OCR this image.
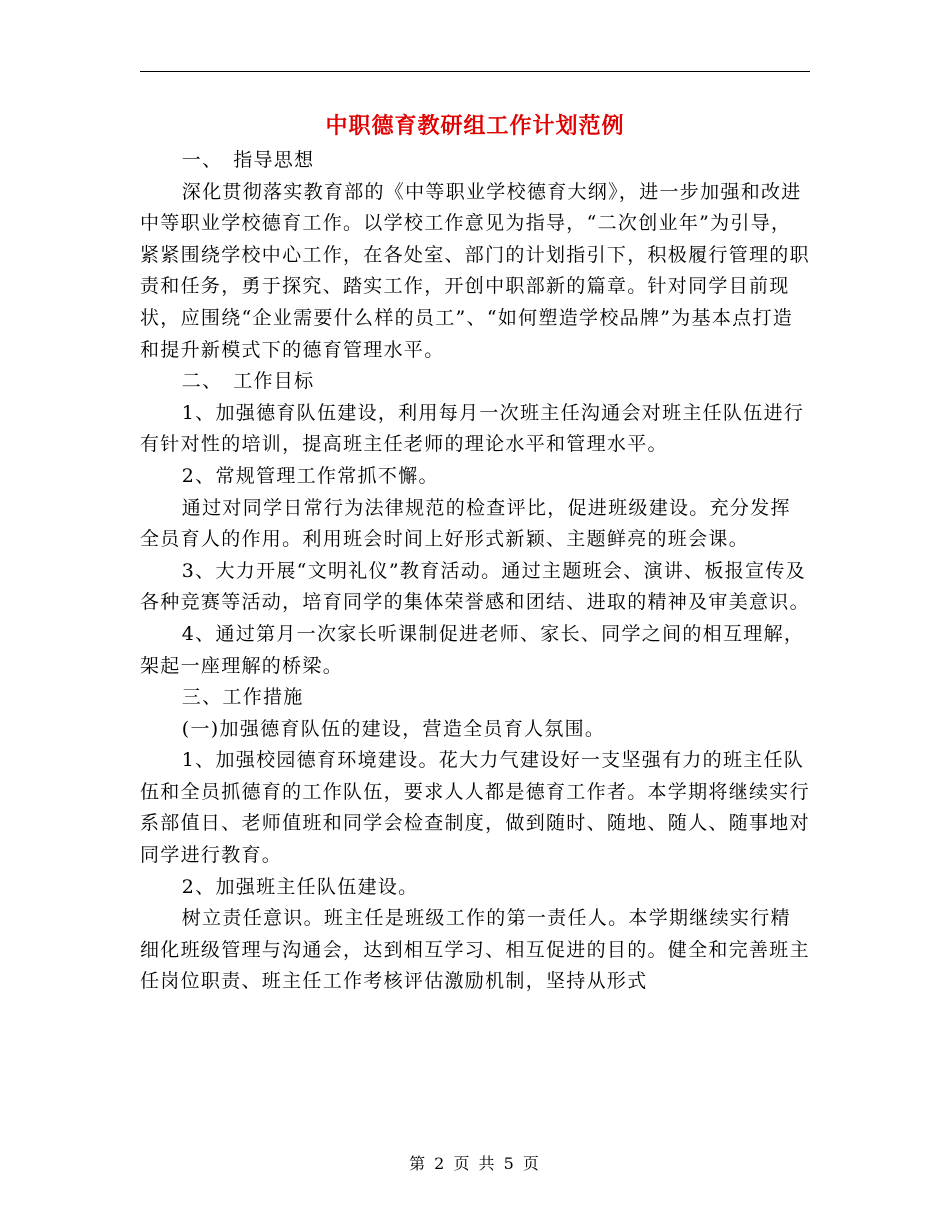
中职德育教研组工作计划范例

一、　指导思想

深化贯彻落实教育部的《中等职业学校德育大纲》，进一步加强和改进中等职业学校德育工作。以学校工作意见为指导，“二次创业年”为引导，紧紧围绕学校中心工作，在各处室、部门的计划指引下，积极履行管理的职责和任务，勇于探究、踏实工作，开创中职部新的篇章。针对同学目前现状，应围绕“企业需要什么样的员工”、“如何塑造学校品牌”为基本点打造和提升新模式下的德育管理水平。

二、　工作目标

1、加强德育队伍建设，利用每月一次班主任沟通会对班主任队伍进行有针对性的培训，提高班主任老师的理论水平和管理水平。

2、常规管理工作常抓不懈。

通过对同学日常行为法律规范的检查评比，促进班级建设。充分发挥全员育人的作用。利用班会时间上好形式新颖、主题鲜亮的班会课。

3、大力开展“文明礼仪”教育活动。通过主题班会、演讲、板报宣传及各种竞赛等活动，培育同学的集体荣誉感和团结、进取的精神及审美意识。

4、通过第月一次家长听课制促进老师、家长、同学之间的相互理解，架起一座理解的桥梁。

三、工作措施

(一)加强德育队伍的建设，营造全员育人氛围。

1、加强校园德育环境建设。花大力气建设好一支坚强有力的班主任队伍和全员抓德育的工作队伍，要求人人都是德育工作者。本学期将继续实行系部值日、老师值班和同学会检查制度，做到随时、随地、随人、随事地对同学进行教育。

2、加强班主任队伍建设。

树立责任意识。班主任是班级工作的第一责任人。本学期继续实行精细化班级管理与沟通会，达到相互学习、相互促进的目的。健全和完善班主任岗位职责、班主任工作考核评估激励机制，坚持从形式

第 2 页 共 5 页
